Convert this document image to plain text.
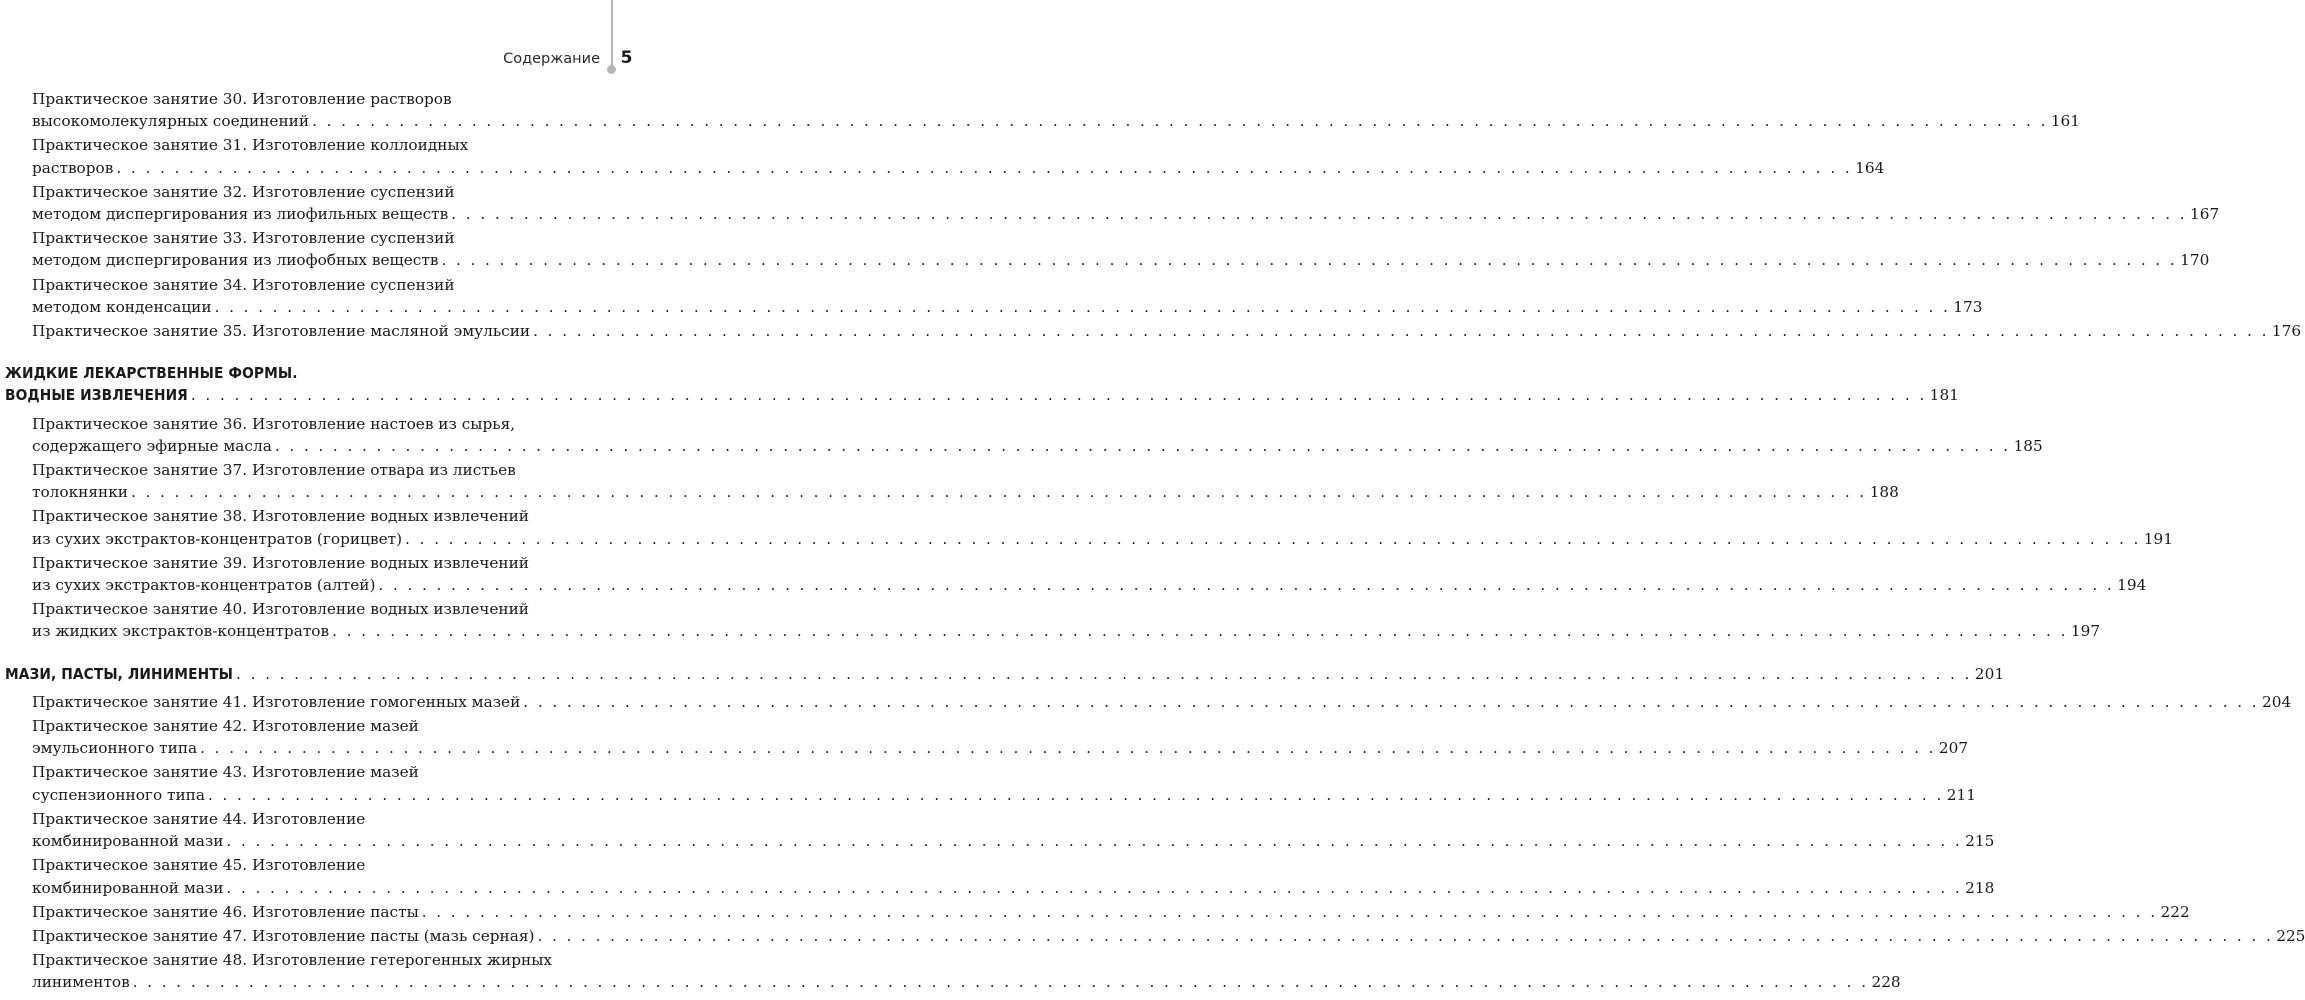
Содержание 5
Практическое занятие 30. Изготовление растворов
высокомолекулярных соединений . . . . . . . . . . . . . . . . . . . . . . . . . . . . . . . . . . . . . . . . . . . . . . . . . . . . . . . . . . . . . . . . . . . . . . . . . . . . . . . . . . . . . . . . . . . . . . . . . . . . . . . . . . . . . . . . . . . . . . . . 161
Практическое занятие 31. Изготовление коллоидных
растворов . . . . . . . . . . . . . . . . . . . . . . . . . . . . . . . . . . . . . . . . . . . . . . . . . . . . . . . . . . . . . . . . . . . . . . . . . . . . . . . . . . . . . . . . . . . . . . . . . . . . . . . . . . . . . . . . . . . . . . . . 164
Практическое занятие 32. Изготовление суспензий
методом диспергирования из лиофильных веществ . . . . . . . . . . . . . . . . . . . . . . . . . . . . . . . . . . . . . . . . . . . . . . . . . . . . . . . . . . . . . . . . . . . . . . . . . . . . . . . . . . . . . . . . . . . . . . . . . . . . . . . . . . . . . . . . . . . . . . . . 167
Практическое занятие 33. Изготовление суспензий
методом диспергирования из лиофобных веществ . . . . . . . . . . . . . . . . . . . . . . . . . . . . . . . . . . . . . . . . . . . . . . . . . . . . . . . . . . . . . . . . . . . . . . . . . . . . . . . . . . . . . . . . . . . . . . . . . . . . . . . . . . . . . . . . . . . . . . . . 170
Практическое занятие 34. Изготовление суспензий
методом конденсации . . . . . . . . . . . . . . . . . . . . . . . . . . . . . . . . . . . . . . . . . . . . . . . . . . . . . . . . . . . . . . . . . . . . . . . . . . . . . . . . . . . . . . . . . . . . . . . . . . . . . . . . . . . . . . . . . . . . . . . . 173
Практическое занятие 35. Изготовление масляной эмульсии . . . . . . . . . . . . . . . . . . . . . . . . . . . . . . . . . . . . . . . . . . . . . . . . . . . . . . . . . . . . . . . . . . . . . . . . . . . . . . . . . . . . . . . . . . . . . . . . . . . . . . . . . . . . . . . . . . . . . . . . 176
ЖИДКИЕ ЛЕКАРСТВЕННЫЕ ФОРМЫ.
ВОДНЫЕ ИЗВЛЕЧЕНИЯ . . . . . . . . . . . . . . . . . . . . . . . . . . . . . . . . . . . . . . . . . . . . . . . . . . . . . . . . . . . . . . . . . . . . . . . . . . . . . . . . . . . . . . . . . . . . . . . . . . . . . . . . . . . . . . . . . . . . . . . . 181
Практическое занятие 36. Изготовление настоев из сырья,
содержащего эфирные масла . . . . . . . . . . . . . . . . . . . . . . . . . . . . . . . . . . . . . . . . . . . . . . . . . . . . . . . . . . . . . . . . . . . . . . . . . . . . . . . . . . . . . . . . . . . . . . . . . . . . . . . . . . . . . . . . . . . . . . . . 185
Практическое занятие 37. Изготовление отвара из листьев
толокнянки . . . . . . . . . . . . . . . . . . . . . . . . . . . . . . . . . . . . . . . . . . . . . . . . . . . . . . . . . . . . . . . . . . . . . . . . . . . . . . . . . . . . . . . . . . . . . . . . . . . . . . . . . . . . . . . . . . . . . . . . 188
Практическое занятие 38. Изготовление водных извлечений
из сухих экстрактов-концентратов (горицвет) . . . . . . . . . . . . . . . . . . . . . . . . . . . . . . . . . . . . . . . . . . . . . . . . . . . . . . . . . . . . . . . . . . . . . . . . . . . . . . . . . . . . . . . . . . . . . . . . . . . . . . . . . . . . . . . . . . . . . . . . 191
Практическое занятие 39. Изготовление водных извлечений
из сухих экстрактов-концентратов (алтей) . . . . . . . . . . . . . . . . . . . . . . . . . . . . . . . . . . . . . . . . . . . . . . . . . . . . . . . . . . . . . . . . . . . . . . . . . . . . . . . . . . . . . . . . . . . . . . . . . . . . . . . . . . . . . . . . . . . . . . . . 194
Практическое занятие 40. Изготовление водных извлечений
из жидких экстрактов-концентратов . . . . . . . . . . . . . . . . . . . . . . . . . . . . . . . . . . . . . . . . . . . . . . . . . . . . . . . . . . . . . . . . . . . . . . . . . . . . . . . . . . . . . . . . . . . . . . . . . . . . . . . . . . . . . . . . . . . . . . . . 197
МАЗИ, ПАСТЫ, ЛИНИМЕНТЫ . . . . . . . . . . . . . . . . . . . . . . . . . . . . . . . . . . . . . . . . . . . . . . . . . . . . . . . . . . . . . . . . . . . . . . . . . . . . . . . . . . . . . . . . . . . . . . . . . . . . . . . . . . . . . . . . . . . . . . . . 201
Практическое занятие 41. Изготовление гомогенных мазей . . . . . . . . . . . . . . . . . . . . . . . . . . . . . . . . . . . . . . . . . . . . . . . . . . . . . . . . . . . . . . . . . . . . . . . . . . . . . . . . . . . . . . . . . . . . . . . . . . . . . . . . . . . . . . . . . . . . . . . . 204
Практическое занятие 42. Изготовление мазей
эмульсионного типа . . . . . . . . . . . . . . . . . . . . . . . . . . . . . . . . . . . . . . . . . . . . . . . . . . . . . . . . . . . . . . . . . . . . . . . . . . . . . . . . . . . . . . . . . . . . . . . . . . . . . . . . . . . . . . . . . . . . . . . . 207
Практическое занятие 43. Изготовление мазей
суспензионного типа . . . . . . . . . . . . . . . . . . . . . . . . . . . . . . . . . . . . . . . . . . . . . . . . . . . . . . . . . . . . . . . . . . . . . . . . . . . . . . . . . . . . . . . . . . . . . . . . . . . . . . . . . . . . . . . . . . . . . . . . 211
Практическое занятие 44. Изготовление
комбинированной мази . . . . . . . . . . . . . . . . . . . . . . . . . . . . . . . . . . . . . . . . . . . . . . . . . . . . . . . . . . . . . . . . . . . . . . . . . . . . . . . . . . . . . . . . . . . . . . . . . . . . . . . . . . . . . . . . . . . . . . . . 215
Практическое занятие 45. Изготовление
комбинированной мази . . . . . . . . . . . . . . . . . . . . . . . . . . . . . . . . . . . . . . . . . . . . . . . . . . . . . . . . . . . . . . . . . . . . . . . . . . . . . . . . . . . . . . . . . . . . . . . . . . . . . . . . . . . . . . . . . . . . . . . . 218
Практическое занятие 46. Изготовление пасты . . . . . . . . . . . . . . . . . . . . . . . . . . . . . . . . . . . . . . . . . . . . . . . . . . . . . . . . . . . . . . . . . . . . . . . . . . . . . . . . . . . . . . . . . . . . . . . . . . . . . . . . . . . . . . . . . . . . . . . . 222
Практическое занятие 47. Изготовление пасты (мазь серная) . . . . . . . . . . . . . . . . . . . . . . . . . . . . . . . . . . . . . . . . . . . . . . . . . . . . . . . . . . . . . . . . . . . . . . . . . . . . . . . . . . . . . . . . . . . . . . . . . . . . . . . . . . . . . . . . . . . . . . . . 225
Практическое занятие 48. Изготовление гетерогенных жирных
линиментов . . . . . . . . . . . . . . . . . . . . . . . . . . . . . . . . . . . . . . . . . . . . . . . . . . . . . . . . . . . . . . . . . . . . . . . . . . . . . . . . . . . . . . . . . . . . . . . . . . . . . . . . . . . . . . . . . . . . . . . . 228
